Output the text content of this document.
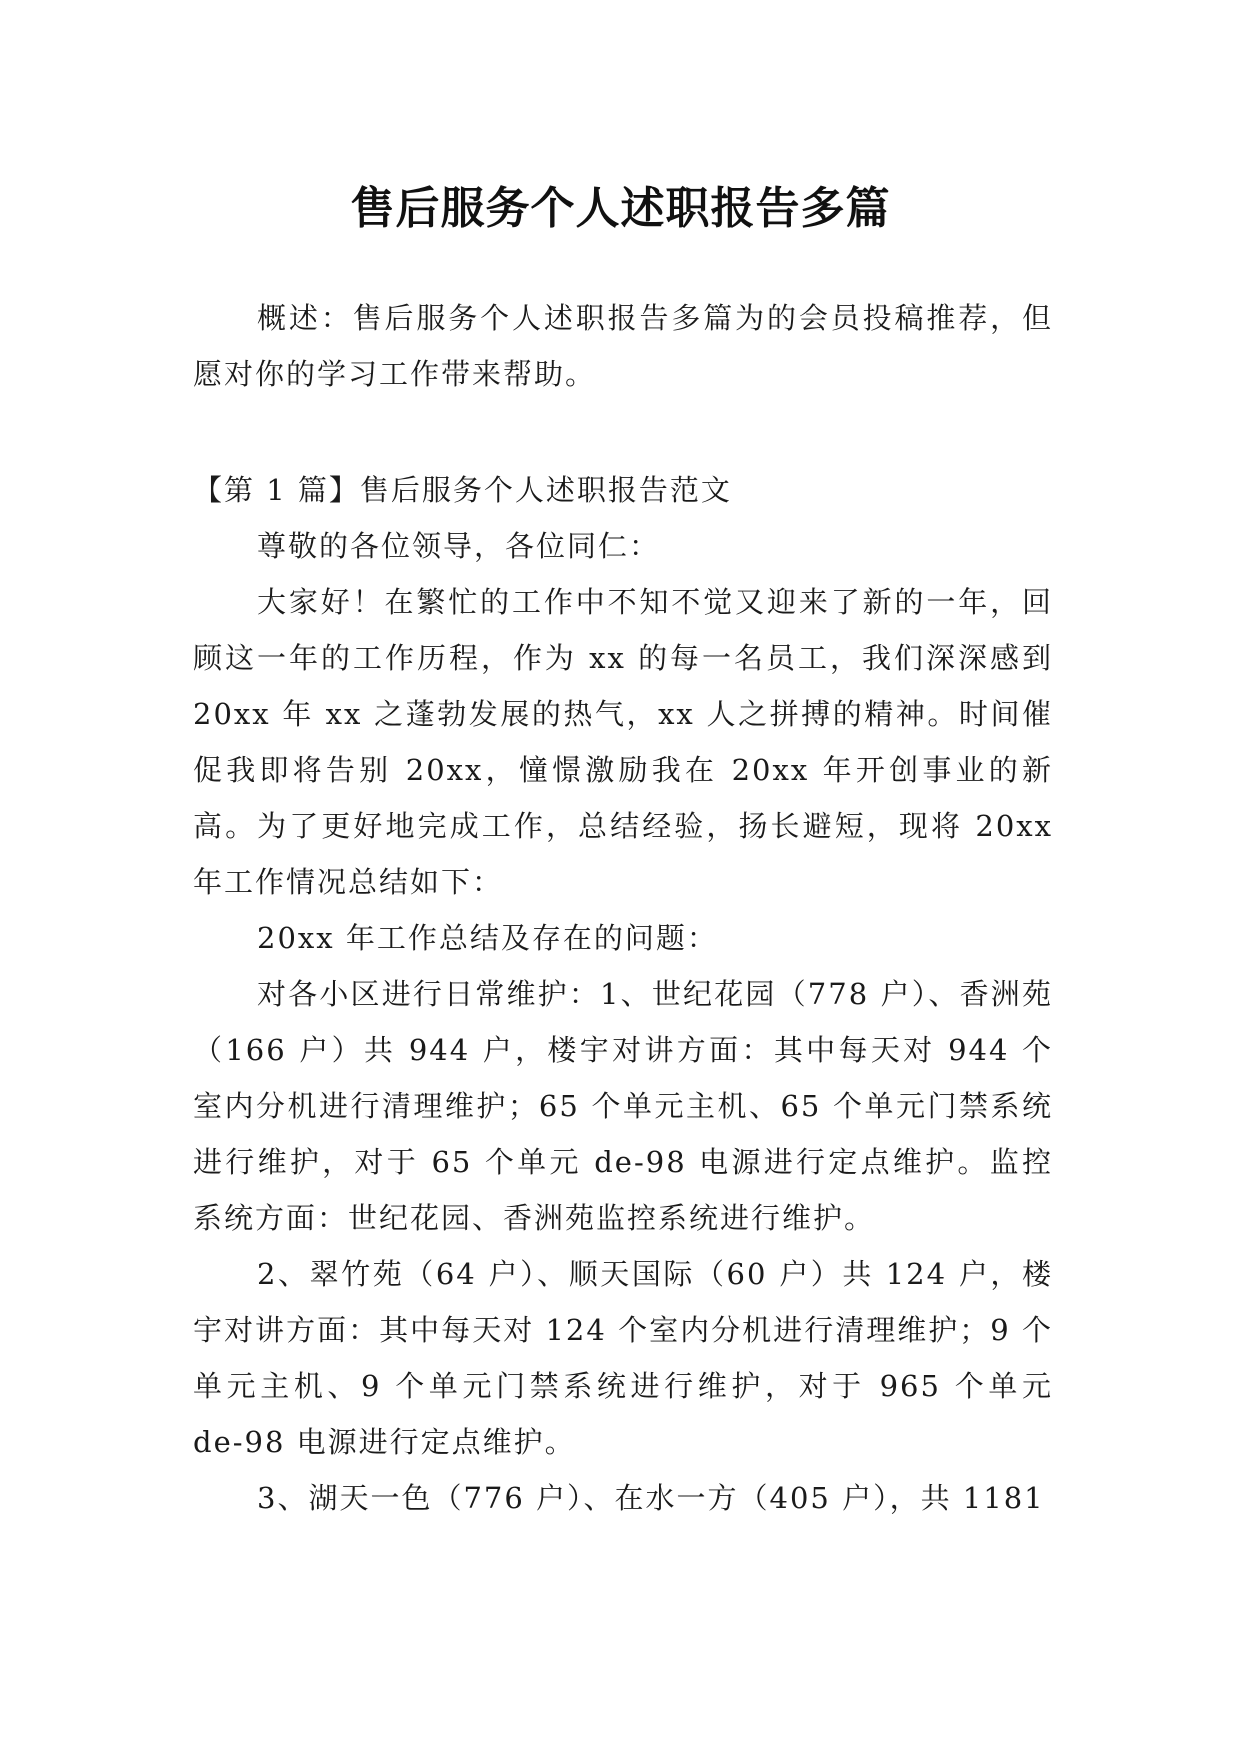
售后服务个人述职报告多篇

概述：售后服务个人述职报告多篇为的会员投稿推荐，但愿对你的学习工作带来帮助。

【第 1 篇】售后服务个人述职报告范文

尊敬的各位领导，各位同仁：

大家好！在繁忙的工作中不知不觉又迎来了新的一年，回顾这一年的工作历程，作为 xx 的每一名员工，我们深深感到 20xx 年 xx 之蓬勃发展的热气，xx 人之拼搏的精神。时间催促我即将告别 20xx，憧憬激励我在 20xx 年开创事业的新高。为了更好地完成工作，总结经验，扬长避短，现将 20xx 年工作情况总结如下：

20xx 年工作总结及存在的问题：

对各小区进行日常维护：1、世纪花园（778 户）、香洲苑（166 户）共 944 户，楼宇对讲方面：其中每天对 944 个室内分机进行清理维护；65 个单元主机、65 个单元门禁系统进行维护，对于 65 个单元 de-98 电源进行定点维护。监控系统方面：世纪花园、香洲苑监控系统进行维护。

2、翠竹苑（64 户）、顺天国际（60 户）共 124 户，楼宇对讲方面：其中每天对 124 个室内分机进行清理维护；9 个单元主机、9 个单元门禁系统进行维护，对于 965 个单元 de-98 电源进行定点维护。

3、湖天一色（776 户）、在水一方（405 户），共 1181
